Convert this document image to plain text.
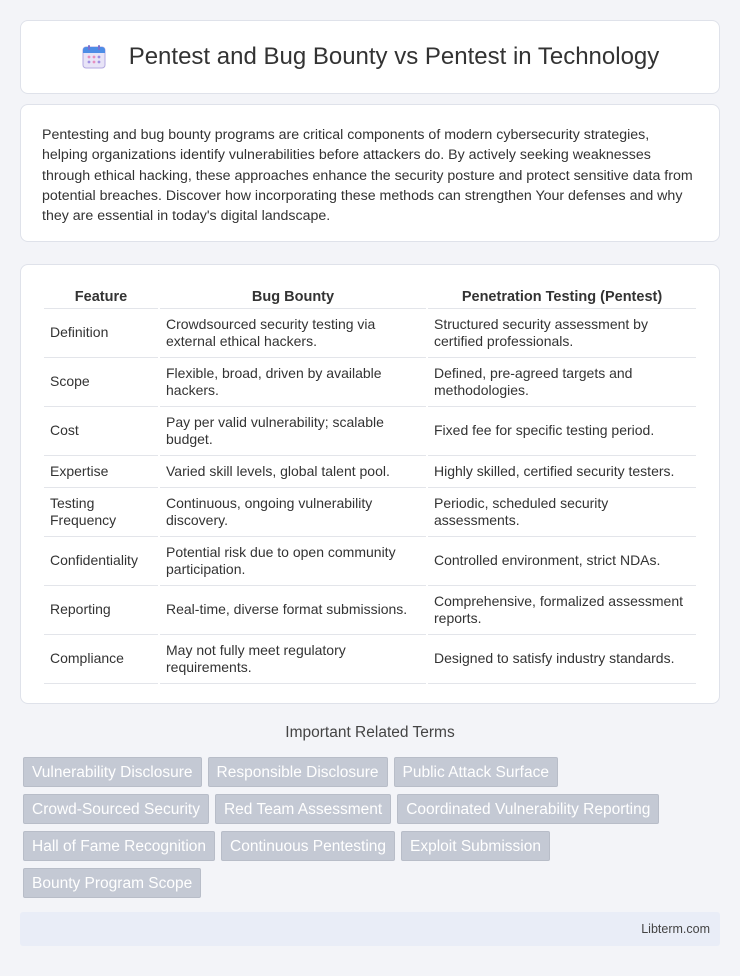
Pentest and Bug Bounty vs Pentest in Technology

Pentesting and bug bounty programs are critical components of modern cybersecurity strategies, helping organizations identify vulnerabilities before attackers do. By actively seeking weaknesses through ethical hacking, these approaches enhance the security posture and protect sensitive data from potential breaches. Discover how incorporating these methods can strengthen Your defenses and why they are essential in today's digital landscape.

Feature	Bug Bounty	Penetration Testing (Pentest)
Definition	Crowdsourced security testing via external ethical hackers.	Structured security assessment by certified professionals.
Scope	Flexible, broad, driven by available hackers.	Defined, pre-agreed targets and methodologies.
Cost	Pay per valid vulnerability; scalable budget.	Fixed fee for specific testing period.
Expertise	Varied skill levels, global talent pool.	Highly skilled, certified security testers.
Testing Frequency	Continuous, ongoing vulnerability discovery.	Periodic, scheduled security assessments.
Confidentiality	Potential risk due to open community participation.	Controlled environment, strict NDAs.
Reporting	Real-time, diverse format submissions.	Comprehensive, formalized assessment reports.
Compliance	May not fully meet regulatory requirements.	Designed to satisfy industry standards.
Important Related Terms
Vulnerability Disclosure	Responsible Disclosure	Public Attack Surface
Crowd-Sourced Security	Red Team Assessment	Coordinated Vulnerability Reporting
Hall of Fame Recognition	Continuous Pentesting	Exploit Submission
Bounty Program Scope
Libterm.com
